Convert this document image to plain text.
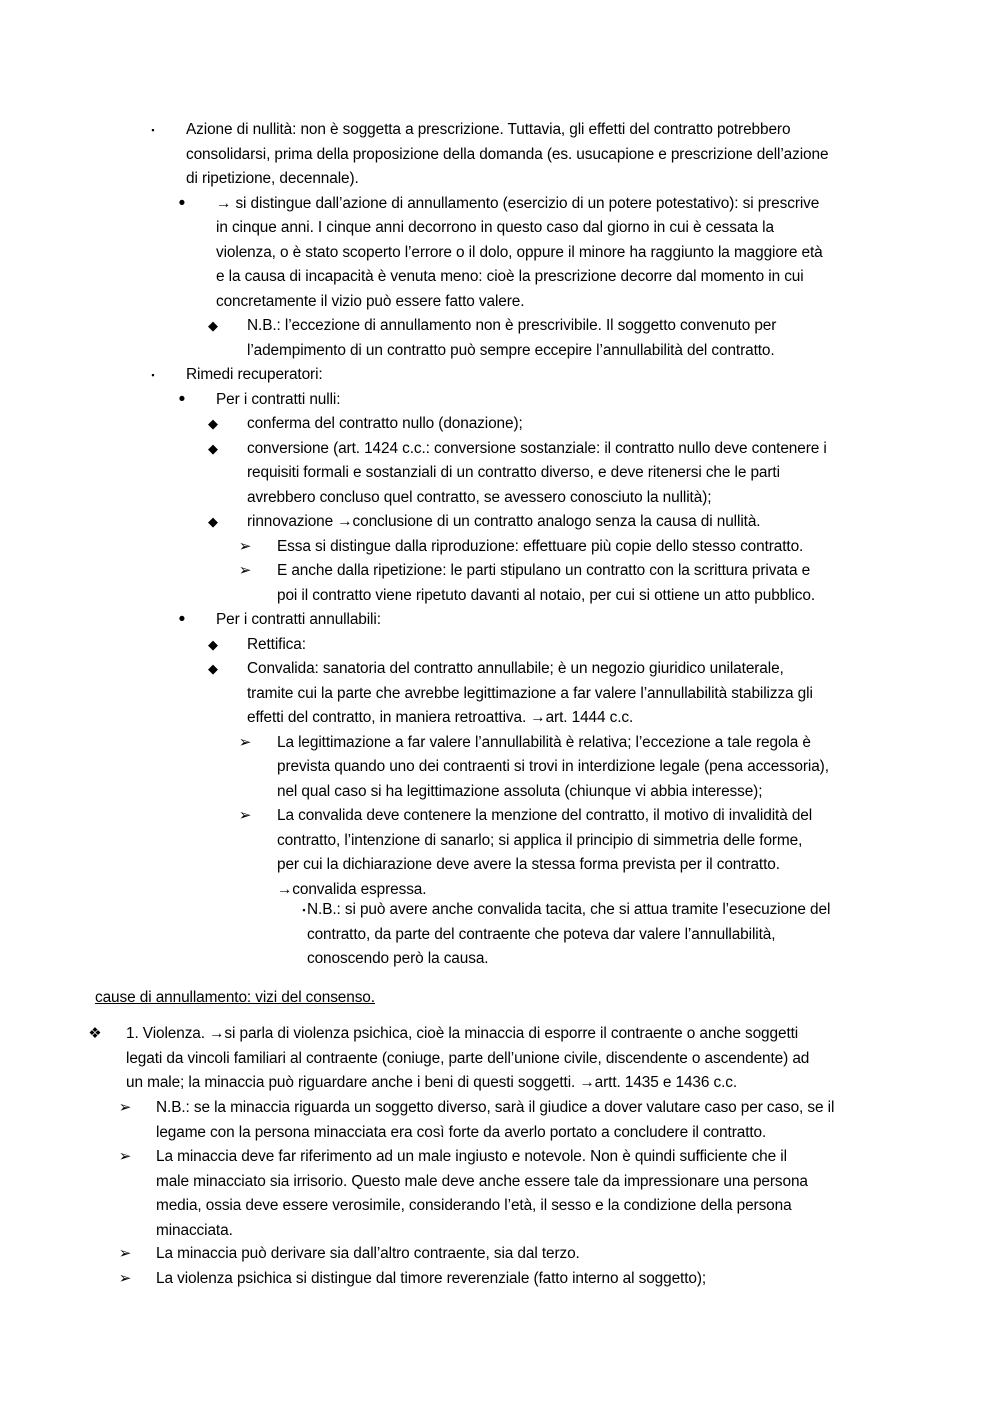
▪	Azione di nullità: non è soggetta a prescrizione. Tuttavia, gli effetti del contratto potrebbero
consolidarsi, prima della proposizione della domanda (es. usucapione e prescrizione dell’azione
di ripetizione, decennale).
•	→ si distingue dall’azione di annullamento (esercizio di un potere potestativo): si prescrive
in cinque anni. I cinque anni decorrono in questo caso dal giorno in cui è cessata la
violenza, o è stato scoperto l’errore o il dolo, oppure il minore ha raggiunto la maggiore età
e la causa di incapacità è venuta meno: cioè la prescrizione decorre dal momento in cui
concretamente il vizio può essere fatto valere.
◆ N.B.: l’eccezione di annullamento non è prescrivibile. Il soggetto convenuto per
l’adempimento di un contratto può sempre eccepire l’annullabilità del contratto.
▪	Rimedi recuperatori:
•	Per i contratti nulli:
◆ conferma del contratto nullo (donazione);
◆ conversione (art. 1424 c.c.: conversione sostanziale: il contratto nullo deve contenere i
requisiti formali e sostanziali di un contratto diverso, e deve ritenersi che le parti
avrebbero concluso quel contratto, se avessero conosciuto la nullità);
◆ rinnovazione →conclusione di un contratto analogo senza la causa di nullità.
➢ Essa si distingue dalla riproduzione: effettuare più copie dello stesso contratto.
➢ E anche dalla ripetizione: le parti stipulano un contratto con la scrittura privata e
poi il contratto viene ripetuto davanti al notaio, per cui si ottiene un atto pubblico.
•	Per i contratti annullabili:
◆ Rettifica:
◆ Convalida: sanatoria del contratto annullabile; è un negozio giuridico unilaterale,
tramite cui la parte che avrebbe legittimazione a far valere l’annullabilità stabilizza gli
effetti del contratto, in maniera retroattiva. →art. 1444 c.c.
➢ La legittimazione a far valere l’annullabilità è relativa; l’eccezione a tale regola è
prevista quando uno dei contraenti si trovi in interdizione legale (pena accessoria),
nel qual caso si ha legittimazione assoluta (chiunque vi abbia interesse);
➢ La convalida deve contenere la menzione del contratto, il motivo di invalidità del
contratto, l’intenzione di sanarlo; si applica il principio di simmetria delle forme,
per cui la dichiarazione deve avere la stessa forma prevista per il contratto.
→convalida espressa.
▪ N.B.: si può avere anche convalida tacita, che si attua tramite l’esecuzione del
contratto, da parte del contraente che poteva dar valere l’annullabilità,
conoscendo però la causa.
cause di annullamento: vizi del consenso.
❖ 1. Violenza. →si parla di violenza psichica, cioè la minaccia di esporre il contraente o anche soggetti
legati da vincoli familiari al contraente (coniuge, parte dell’unione civile, discendente o ascendente) ad
un male; la minaccia può riguardare anche i beni di questi soggetti. →artt. 1435 e 1436 c.c.
➢ N.B.: se la minaccia riguarda un soggetto diverso, sarà il giudice a dover valutare caso per caso, se il
legame con la persona minacciata era così forte da averlo portato a concludere il contratto.
➢ La minaccia deve far riferimento ad un male ingiusto e notevole. Non è quindi sufficiente che il
male minacciato sia irrisorio. Questo male deve anche essere tale da impressionare una persona
media, ossia deve essere verosimile, considerando l’età, il sesso e la condizione della persona
minacciata.
➢ La minaccia può derivare sia dall’altro contraente, sia dal terzo.
➢ La violenza psichica si distingue dal timore reverenziale (fatto interno al soggetto);
